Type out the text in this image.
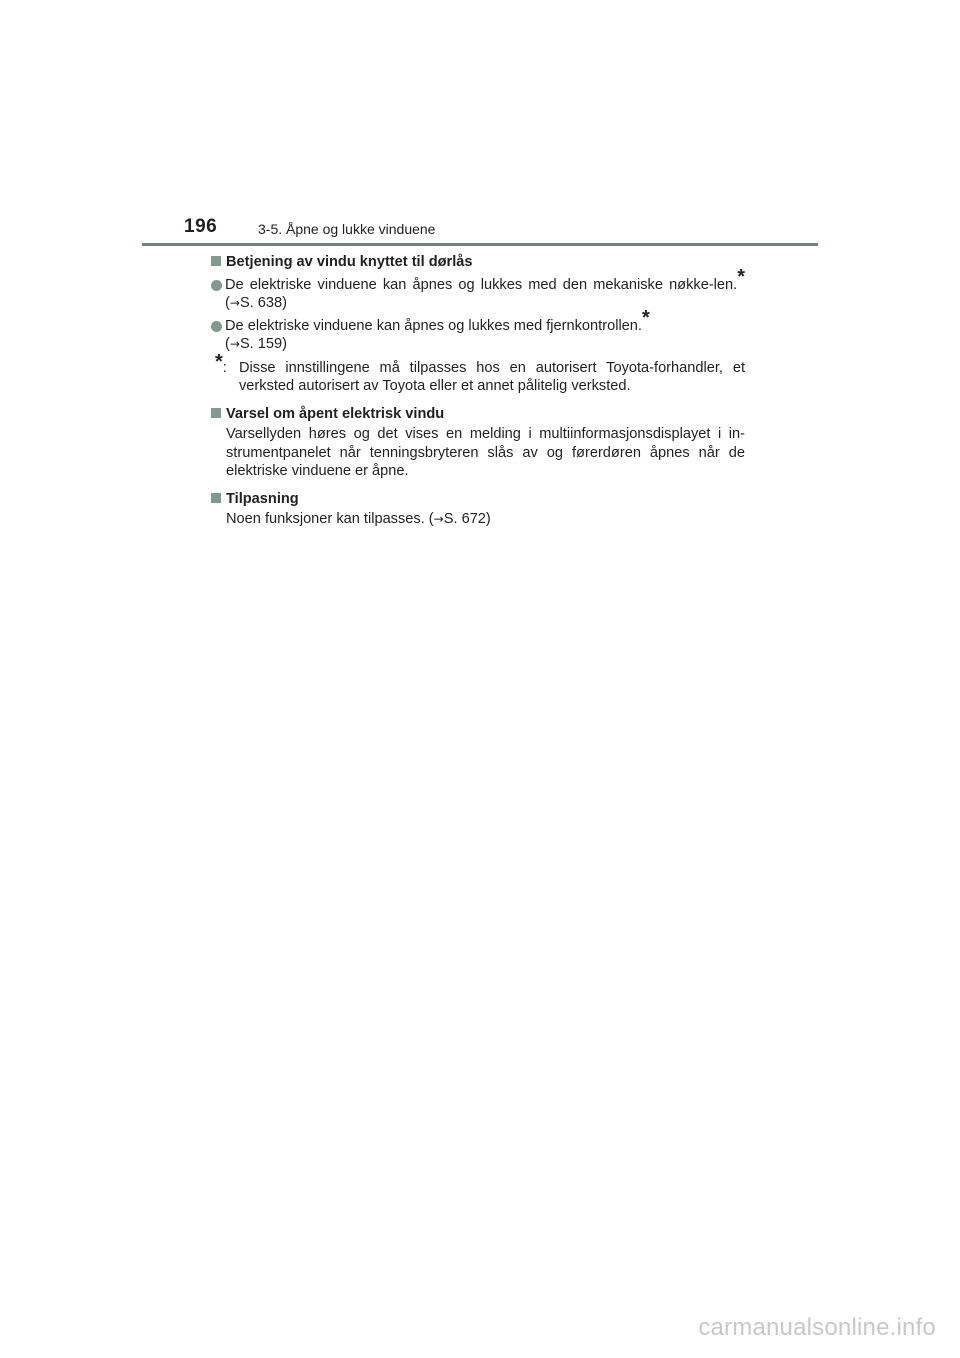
196	3-5. Åpne og lukke vinduene
Betjening av vindu knyttet til dørlås
De elektriske vinduene kan åpnes og lukkes med den mekaniske nøkke-len.* (→S. 638)
De elektriske vinduene kan åpnes og lukkes med fjernkontrollen.*
(→S. 159)
*: Disse innstillingene må tilpasses hos en autorisert Toyota-forhandler, et verksted autorisert av Toyota eller et annet pålitelig verksted.
Varsel om åpent elektrisk vindu
Varsellyden høres og det vises en melding i multiinformasjonsdisplayet i in-strumentpanelet når tenningsbryteren slås av og førerdøren åpnes når de elektriske vinduene er åpne.
Tilpasning
Noen funksjoner kan tilpasses. (→S. 672)
carmanualsonline.info
